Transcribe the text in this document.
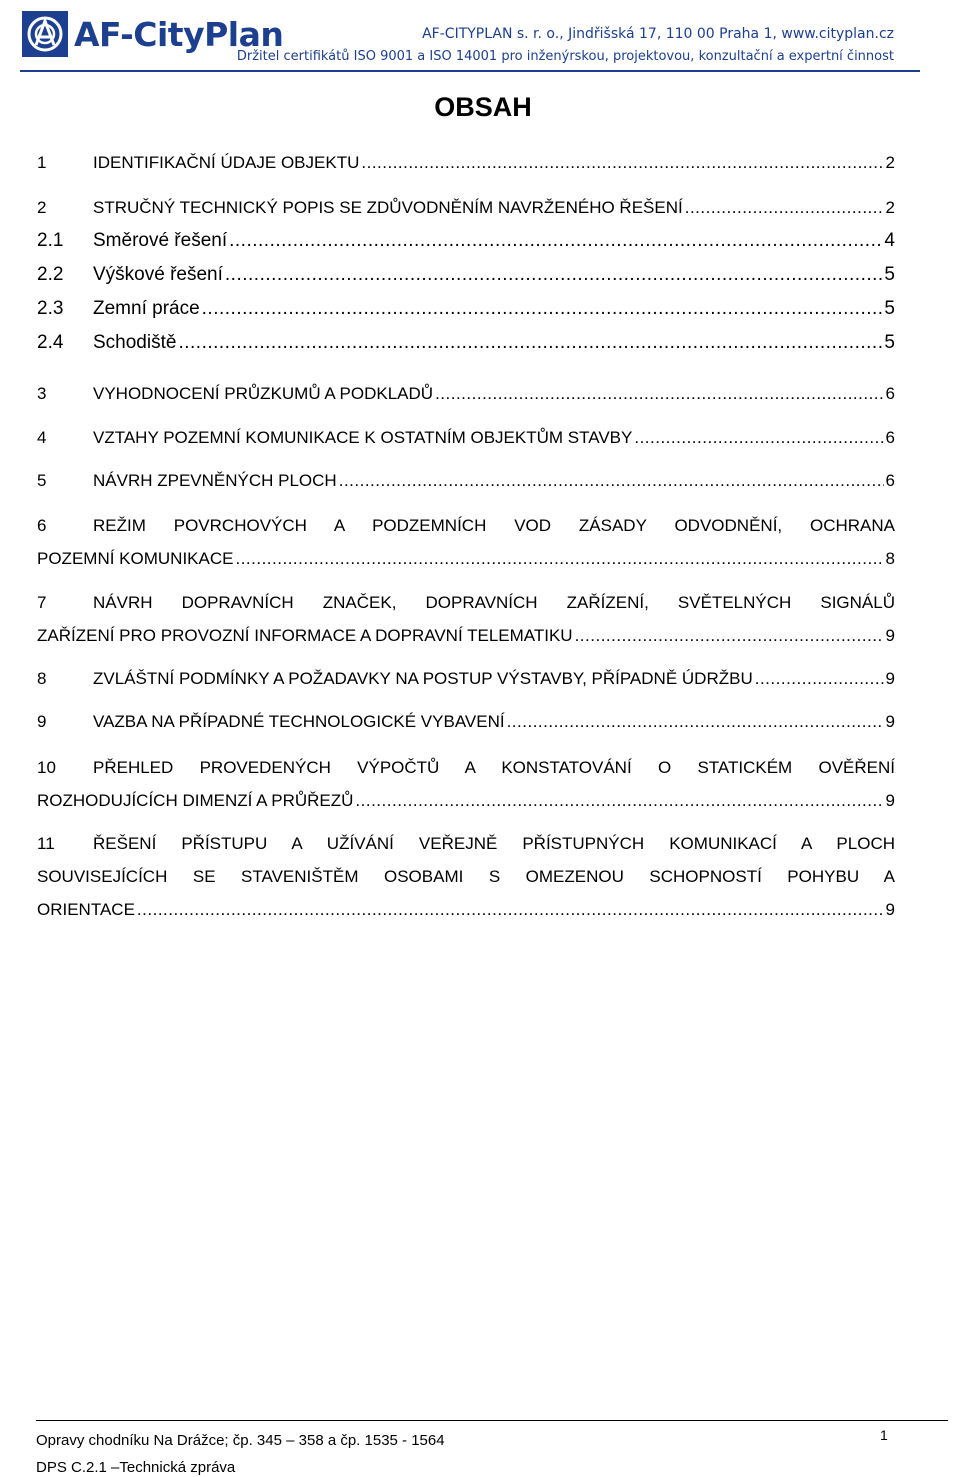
AF-CityPlan	AF-CITYPLAN s. r. o., Jindřišská 17, 110 00 Praha 1, www.cityplan.cz
Držitel certifikátů ISO 9001 a ISO 14001 pro inženýrskou, projektovou, konzultační a expertní činnost
OBSAH
1	IDENTIFIKAČNÍ ÚDAJE OBJEKTU .....	2
2	STRUČNÝ TECHNICKÝ POPIS SE ZDŮVODNĚNÍM NAVRŽENÉHO ŘEŠENÍ .....	2
2.1	Směrové řešení .....	4
2.2	Výškové řešení .....	5
2.3	Zemní práce .....	5
2.4	Schodiště .....	5
3	VYHODNOCENÍ PRŮZKUMŮ A PODKLADŮ .....	6
4	VZTAHY POZEMNÍ KOMUNIKACE K OSTATNÍM OBJEKTŮM STAVBY .....	6
5	NÁVRH ZPEVNĚNÝCH PLOCH .....	6
6	REŽIM POVRCHOVÝCH A PODZEMNÍCH VOD ZÁSADY ODVODNĚNÍ, OCHRANA
POZEMNÍ KOMUNIKACE .....	8
7	NÁVRH DOPRAVNÍCH ZNAČEK, DOPRAVNÍCH ZAŘÍZENÍ, SVĚTELNÝCH SIGNÁLŮ
ZAŘÍZENÍ PRO PROVOZNÍ INFORMACE A DOPRAVNÍ TELEMATIKU .....	9
8	ZVLÁŠTNÍ PODMÍNKY A POŽADAVKY NA POSTUP VÝSTAVBY, PŘÍPADNĚ ÚDRŽBU .....	9
9	VAZBA NA PŘÍPADNÉ TECHNOLOGICKÉ VYBAVENÍ .....	9
10	PŘEHLED PROVEDENÝCH VÝPOČTŮ A KONSTATOVÁNÍ O STATICKÉM OVĚŘENÍ
ROZHODUJÍCÍCH DIMENZÍ A PRŮŘEZŮ .....	9
11	ŘEŠENÍ PŘÍSTUPU A UŽÍVÁNÍ VEŘEJNĚ PŘÍSTUPNÝCH KOMUNIKACÍ A PLOCH
SOUVISEJÍCÍCH SE STAVENIŠTĚM OSOBAMI S OMEZENOU SCHOPNOSTÍ POHYBU A
ORIENTACE .....	9
Opravy chodníku Na Drážce; čp. 345 – 358 a čp. 1535 - 1564
DPS C.2.1 –Technická zpráva
1
